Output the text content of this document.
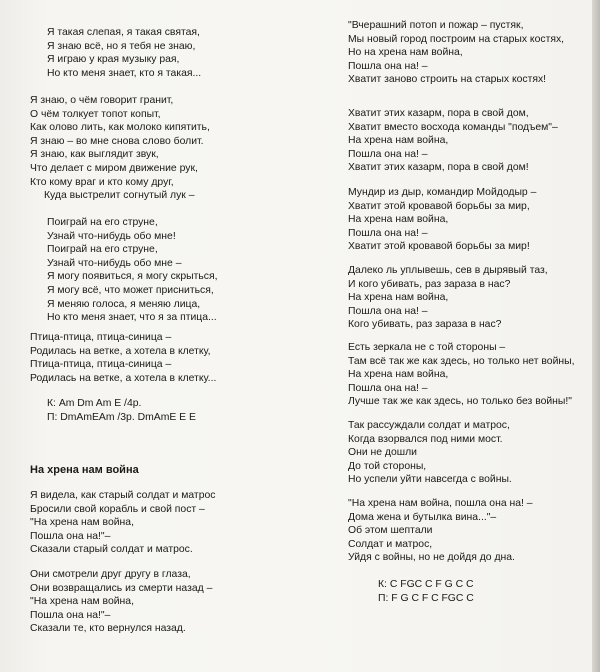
Я такая слепая, я такая святая,
Я знаю всё, но я тебя не знаю,
Я играю у края музыку рая,
Но кто меня знает, кто я такая...
Я знаю, о чём говорит гранит,
О чём толкует топот копыт,
Как олово лить, как молоко кипятить,
Я знаю – во мне снова слово болит.
Я знаю, как выглядит звук,
Что делает с миром движение рук,
Кто кому враг и кто кому друг,
Куда выстрелит согнутый лук –
Поиграй на его струне,
Узнай что-нибудь обо мне!
Поиграй на его струне,
Узнай что-нибудь обо мне –
Я могу появиться, я могу скрыться,
Я могу всё, что может присниться,
Я меняю голоса, я меняю лица,
Но кто меня знает, что я за птица...
Птица-птица, птица-синица –
Родилась на ветке, а хотела в клетку,
Птица-птица, птица-синица –
Родилась на ветке, а хотела в клетку...
К: Am Dm Am E /4р.
П: DmAmEAm /3р. DmAmE E E
На хрена нам война
Я видела, как старый солдат и матрос
Бросили свой корабль и свой пост –
"На хрена нам война,
Пошла она на!"–
Сказали старый солдат и матрос.
Они смотрели друг другу в глаза,
Они возвращались из смерти назад –
"На хрена нам война,
Пошла она на!"–
Сказали те, кто вернулся назад.
"Вчерашний потоп и пожар – пустяк,
Мы новый город построим на старых костях,
Но на хрена нам война,
Пошла она на! –
Хватит заново строить на старых костях!
Хватит этих казарм, пора в свой дом,
Хватит вместо восхода команды "подъем"–
На хрена нам война,
Пошла она на! –
Хватит этих казарм, пора в свой дом!
Мундир из дыр, командир Мойдодыр –
Хватит этой кровавой борьбы за мир,
На хрена нам война,
Пошла она на! –
Хватит этой кровавой борьбы за мир!
Далеко ль уплывешь, сев в дырявый таз,
И кого убивать, раз зараза в нас?
На хрена нам война,
Пошла она на! –
Кого убивать, раз зараза в нас?
Есть зеркала не с той стороны –
Там всё так же как здесь, но только нет войны,
На хрена нам война,
Пошла она на! –
Лучше так же как здесь, но только без войны!"
Так рассуждали солдат и матрос,
Когда взорвался под ними мост.
Они не дошли
До той стороны,
Но успели уйти навсегда с войны.
"На хрена нам война, пошла она на! –
Дома жена и бутылка вина..."–
Об этом шептали
Солдат и матрос,
Уйдя с войны, но не дойдя до дна.
К: C FGC C F G C C
П: F G C F C FGC C
